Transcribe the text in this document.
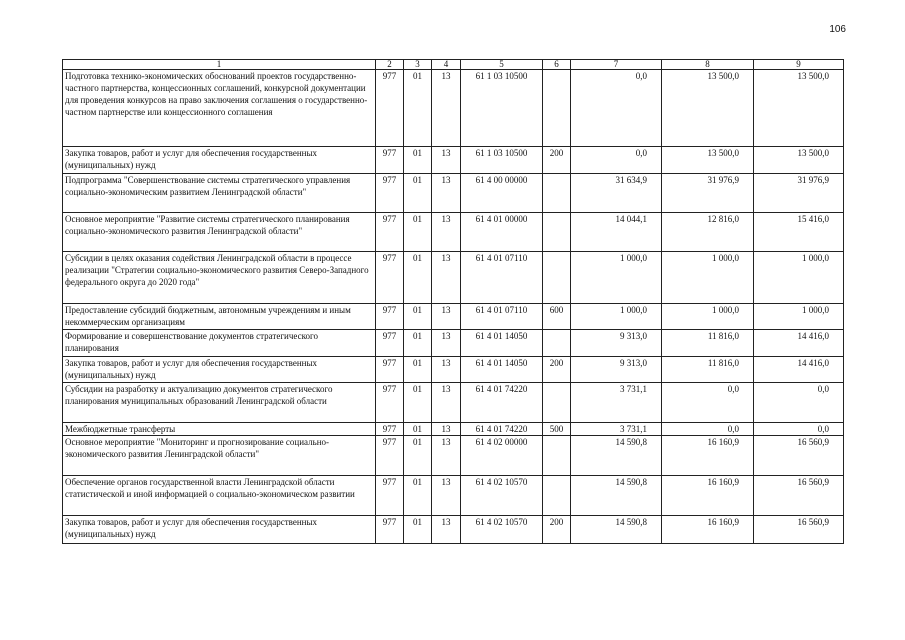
106
1	2	3	4	5	6	7	8	9
Подготовка технико-экономических обоснований проектов государственно-частного партнерства, концессионных соглашений, конкурсной документации для проведения конкурсов на право заключения соглашения о государственно-частном партнерстве или концессионного соглашения	977	01	13	61 1 03 10500		0,0	13 500,0	13 500,0
Закупка товаров, работ и услуг для обеспечения государственных (муниципальных) нужд	977	01	13	61 1 03 10500	200	0,0	13 500,0	13 500,0
Подпрограмма "Совершенствование системы стратегического управления социально-экономическим развитием Ленинградской области"	977	01	13	61 4 00 00000		31 634,9	31 976,9	31 976,9
Основное мероприятие "Развитие системы стратегического планирования социально-экономического развития Ленинградской области"	977	01	13	61 4 01 00000		14 044,1	12 816,0	15 416,0
Субсидии в целях оказания содействия Ленинградской области в процессе реализации "Стратегии социально-экономического развития Северо-Западного федерального округа до 2020 года"	977	01	13	61 4 01 07110		1 000,0	1 000,0	1 000,0
Предоставление субсидий бюджетным, автономным учреждениям и иным некоммерческим организациям	977	01	13	61 4 01 07110	600	1 000,0	1 000,0	1 000,0
Формирование и совершенствование документов стратегического планирования	977	01	13	61 4 01 14050		9 313,0	11 816,0	14 416,0
Закупка товаров, работ и услуг для обеспечения государственных (муниципальных) нужд	977	01	13	61 4 01 14050	200	9 313,0	11 816,0	14 416,0
Субсидии на разработку и актуализацию документов стратегического планирования муниципальных образований Ленинградской области	977	01	13	61 4 01 74220		3 731,1	0,0	0,0
Межбюджетные трансферты	977	01	13	61 4 01 74220	500	3 731,1	0,0	0,0
Основное мероприятие "Мониторинг и прогнозирование социально-экономического развития Ленинградской области"	977	01	13	61 4 02 00000		14 590,8	16 160,9	16 560,9
Обеспечение органов государственной власти Ленинградской области статистической и иной информацией о социально-экономическом развитии	977	01	13	61 4 02 10570		14 590,8	16 160,9	16 560,9
Закупка товаров, работ и услуг для обеспечения государственных (муниципальных) нужд	977	01	13	61 4 02 10570	200	14 590,8	16 160,9	16 560,9
